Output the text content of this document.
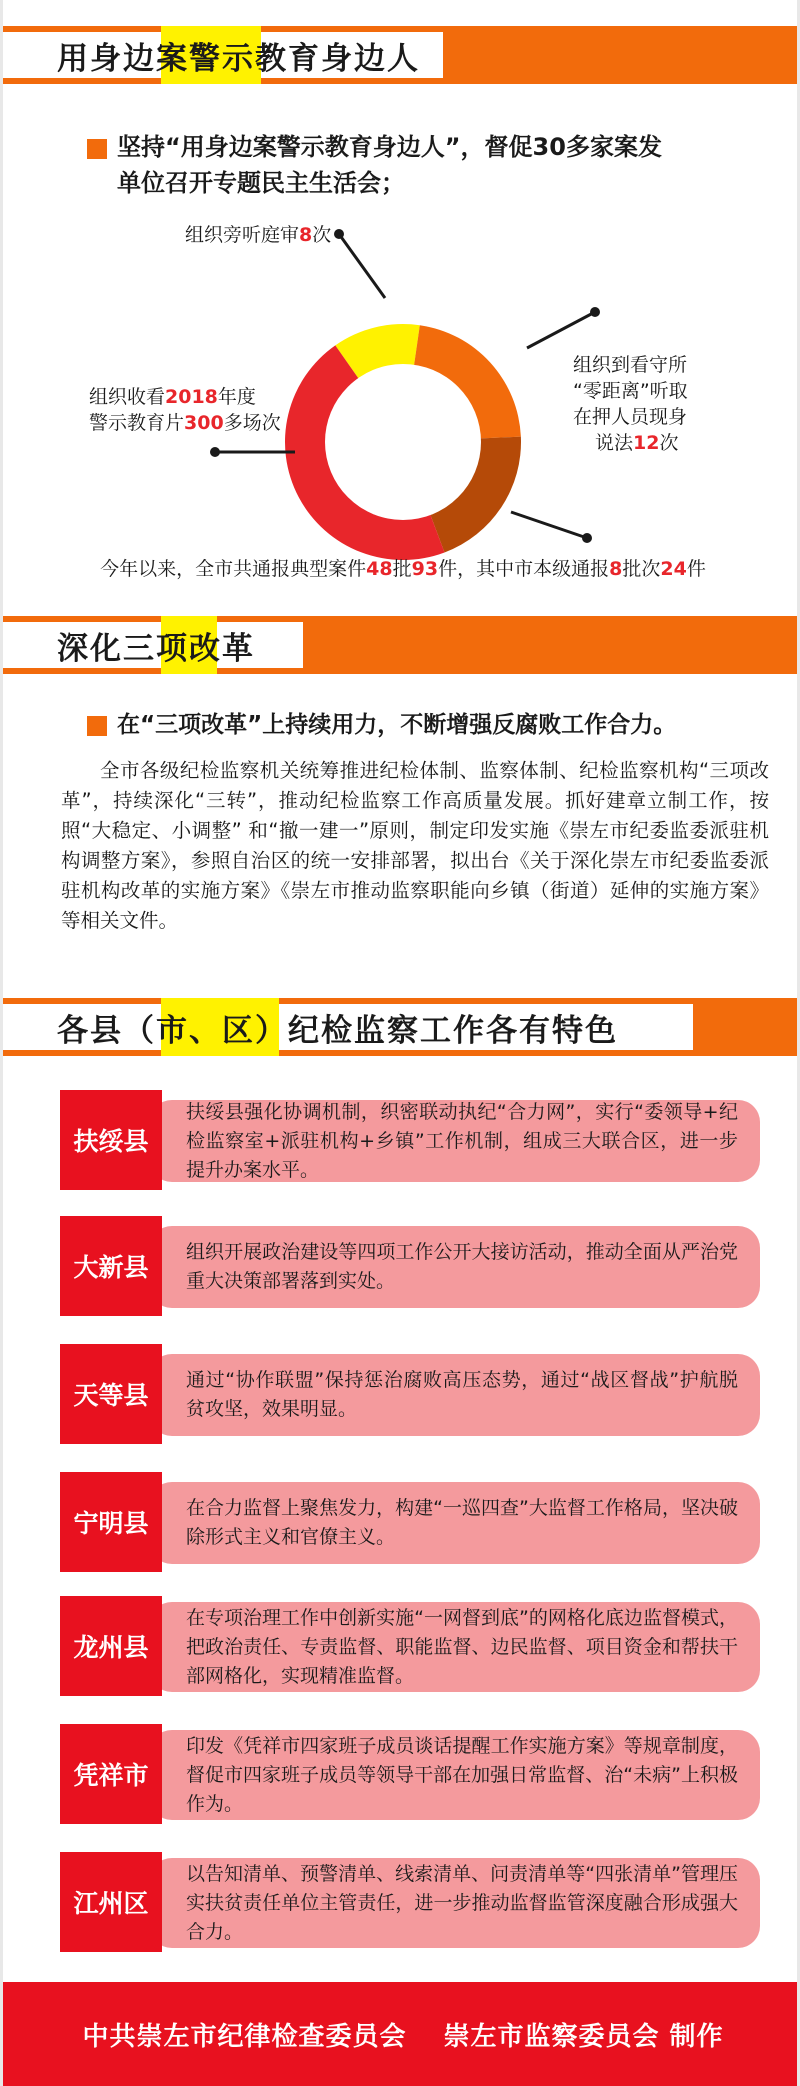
用身边案警示教育身边人
坚持“用身边案警示教育身边人”，督促30多家案发
单位召开专题民主生活会；
组织旁听庭审8次
组织到看守所
“零距离”听取
在押人员现身
说法12次
组织收看2018年度
警示教育片300多场次
今年以来，全市共通报典型案件48批93件，其中市本级通报8批次24件
深化三项改革
在“三项改革”上持续用力，不断增强反腐败工作合力。
全市各级纪检监察机关统筹推进纪检体制、监察体制、纪检监察机构“三项改革”，持续深化“三转”，推动纪检监察工作高质量发展。抓好建章立制工作，按照“大稳定、小调整” 和“撤一建一”原则，制定印发实施《崇左市纪委监委派驻机构调整方案》，参照自治区的统一安排部署，拟出台《关于深化崇左市纪委监委派驻机构改革的实施方案》《崇左市推动监察职能向乡镇（街道）延伸的实施方案》等相关文件。
各县（市、区）纪检监察工作各有特色
扶绥县
扶绥县强化协调机制，织密联动执纪“合力网”，实行“委领导+纪检监察室+派驻机构+乡镇”工作机制，组成三大联合区，进一步提升办案水平。
大新县
组织开展政治建设等四项工作公开大接访活动，推动全面从严治党重大决策部署落到实处。
天等县
通过“协作联盟”保持惩治腐败高压态势，通过“战区督战”护航脱贫攻坚，效果明显。
宁明县
在合力监督上聚焦发力，构建“一巡四查”大监督工作格局，坚决破除形式主义和官僚主义。
龙州县
在专项治理工作中创新实施“一网督到底”的网格化底边监督模式，把政治责任、专责监督、职能监督、边民监督、项目资金和帮扶干部网格化，实现精准监督。
凭祥市
印发《凭祥市四家班子成员谈话提醒工作实施方案》等规章制度，督促市四家班子成员等领导干部在加强日常监督、治“未病”上积极作为。
江州区
以告知清单、预警清单、线索清单、问责清单等“四张清单”管理压实扶贫责任单位主管责任，进一步推动监督监管深度融合形成强大合力。
中共崇左市纪律检查委员会　 崇左市监察委员会 制作
